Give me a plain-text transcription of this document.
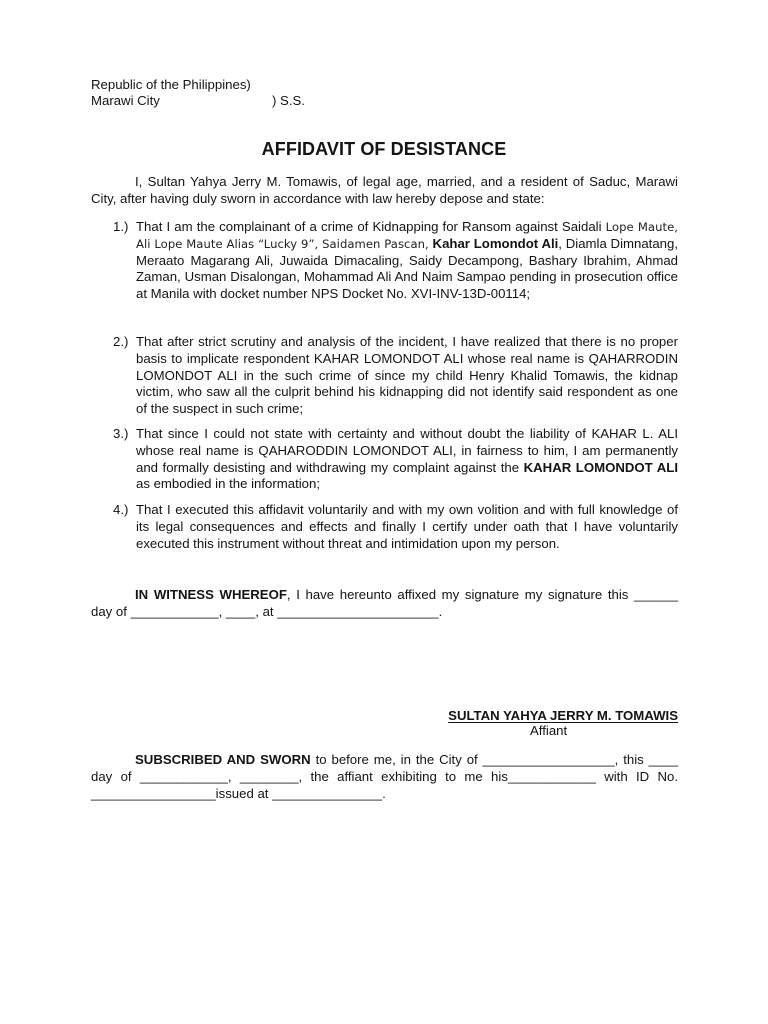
Republic of the Philippines)
Marawi City	) S.S.
AFFIDAVIT OF DESISTANCE
I, Sultan Yahya Jerry M. Tomawis, of legal age, married, and a resident of Saduc, Marawi City, after having duly sworn in accordance with law hereby depose and state:
1.) That I am the complainant of a crime of Kidnapping for Ransom against Saidali Lope Maute, Ali Lope Maute Alias “Lucky 9”, Saidamen Pascan, Kahar Lomondot Ali, Diamla Dimnatang, Meraato Magarang Ali, Juwaida Dimacaling, Saidy Decampong, Bashary Ibrahim, Ahmad Zaman, Usman Disalongan, Mohammad Ali And Naim Sampao pending in prosecution office at Manila with docket number NPS Docket No. XVI-INV-13D-00114;
2.) That after strict scrutiny and analysis of the incident, I have realized that there is no proper basis to implicate respondent KAHAR LOMONDOT ALI whose real name is QAHARRODIN LOMONDOT ALI in the such crime of since my child Henry Khalid Tomawis, the kidnap victim, who saw all the culprit behind his kidnapping did not identify said respondent as one of the suspect in such crime;
3.) That since I could not state with certainty and without doubt the liability of KAHAR L. ALI whose real name is QAHARODDIN LOMONDOT ALI, in fairness to him, I am permanently and formally desisting and withdrawing my complaint against the KAHAR LOMONDOT ALI as embodied in the information;
4.) That I executed this affidavit voluntarily and with my own volition and with full knowledge of its legal consequences and effects and finally I certify under oath that I have voluntarily executed this instrument without threat and intimidation upon my person.
IN WITNESS WHEREOF, I have hereunto affixed my signature my signature this ______ day of ____________, ____, at ______________________.
SULTAN YAHYA JERRY M. TOMAWIS
Affiant
SUBSCRIBED AND SWORN to before me, in the City of __________________, this ____ day of ____________, ________, the affiant exhibiting to me his____________ with ID No. _________________issued at _______________.
